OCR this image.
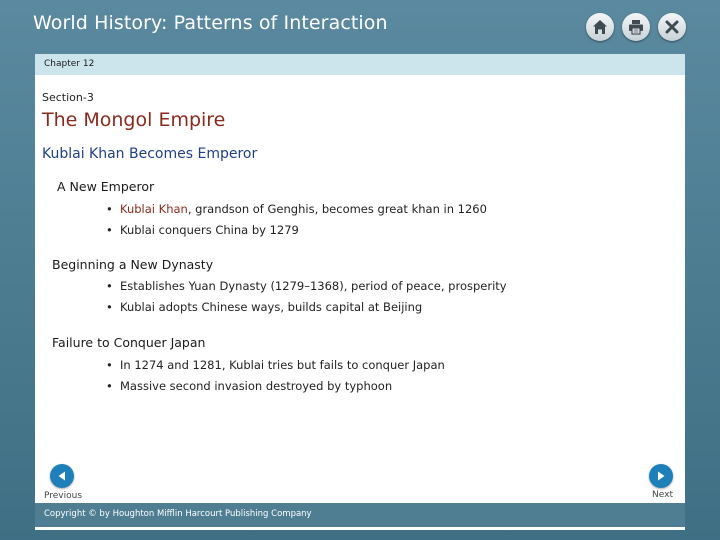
World History: Patterns of Interaction
Chapter 12
Section-3
The Mongol Empire
Kublai Khan Becomes Emperor
A New Emperor
• Kublai Khan, grandson of Genghis, becomes great khan in 1260
• Kublai conquers China by 1279
Beginning a New Dynasty
• Establishes Yuan Dynasty (1279–1368), period of peace, prosperity
• Kublai adopts Chinese ways, builds capital at Beijing
Failure to Conquer Japan
• In 1274 and 1281, Kublai tries but fails to conquer Japan
• Massive second invasion destroyed by typhoon
Previous	Next
Copyright © by Houghton Mifflin Harcourt Publishing Company
